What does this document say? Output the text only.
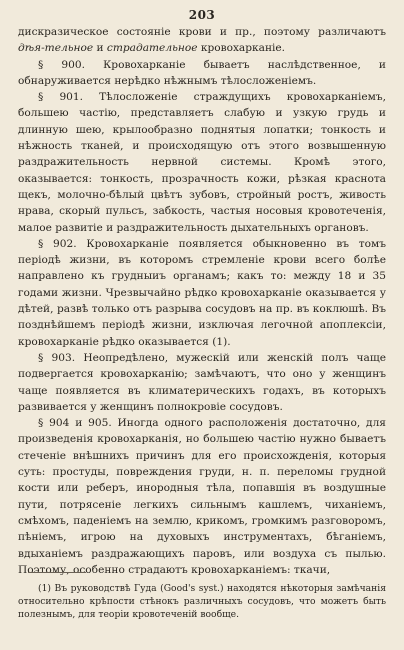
203

дискразическое состояніе крови и пр., поэтому различаютъ дѣя-тельное и страдательное кровохарканіе.

§ 900. Кровохарканіе бываетъ наслѣдственное, и обнаруживается нерѣдко нѣжнымъ тѣлосложеніемъ.

§ 901. Тѣлосложеніе страждущихъ кровохарканіемъ, большею частію, представляетъ слабую и узкую грудь и длинную шею, крылообразно поднятыя лопатки; тонкость и нѣжность тканей, и происходящую отъ этого возвышенную раздражительность нервной системы. Кромѣ этого, оказывается: тонкость, прозрачность кожи, рѣзкая краснота щекъ, молочно-бѣлый цвѣтъ зубовъ, стройный ростъ, живость нрава, скорый пульсъ, забкость, частыя носовыя кровотеченія, малое развитіе и раздражительность дыхательныхъ органовъ.

§ 902. Кровохарканіе появляется обыкновенно въ томъ періодѣ жизни, въ которомъ стремленіе крови всего болѣе направлено къ грудныиъ органамъ; какъ то: между 18 и 35 годами жизни. Чрезвычайно рѣдко кровохарканіе оказывается у дѣтей, развѣ только отъ разрыва сосудовъ на пр. въ коклюшѣ. Въ позднѣйшемъ періодѣ жизни, изключая легочной апоплексіи, кровохарканіе рѣдко оказывается (1).

§ 903. Неопредѣлено, мужескій или женскій полъ чаще подвергается кровохарканію; замѣчаютъ, что оно у женщинъ чаще появляется въ климатерическихъ годахъ, въ которыхъ развивается у женщинъ полнокровіе сосудовъ.

§ 904 и 905. Иногда одного расположенія достаточно, для произведенія кровохарканія, но большею частію нужно бываетъ стеченіе внѣшнихъ причинъ для его происхожденія, которыя суть: простуды, повреждения груди, н. п. переломы грудной кости или реберъ, инородныя тѣла, попавшія въ воздушные пути, потрясеніе легкихъ сильнымъ кашлемъ, чиханіемъ, смѣхомъ, паденіемъ на землю, крикомъ, громкимъ разговоромъ, пѣніемъ, игрою на духовыхъ инструментахъ, бѣганіемъ, вдыханіемъ раздражающихъ паровъ, или воздуха съ пылью. Поэтому, особенно страдаютъ кровохарканіемъ: ткачи,

(1) Въ руководствѣ Гуда (Good's syst.) находятся нѣкоторыя замѣчанія относительно крѣпости стѣнокъ различныхъ сосудовъ, что можетъ быть полезнымъ, для теоріи кровотеченій вообще.
